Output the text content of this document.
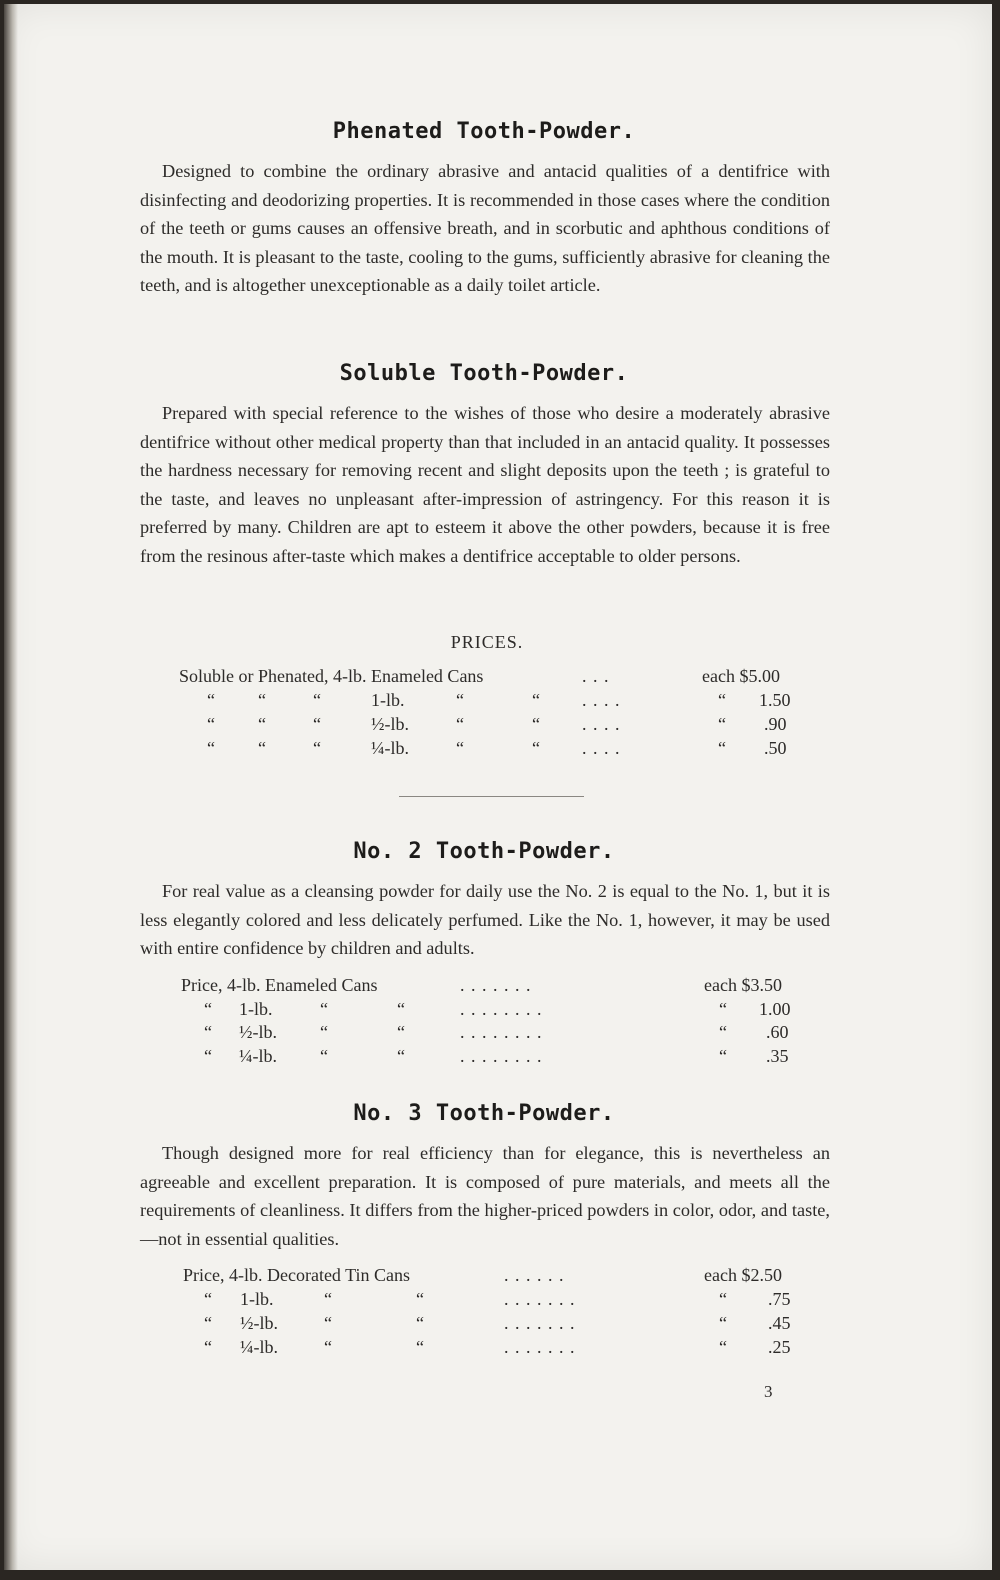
Phenated Tooth-Powder.

Designed to combine the ordinary abrasive and antacid qualities of a dentifrice with disinfecting and deodorizing properties. It is recommended in those cases where the condition of the teeth or gums causes an offensive breath, and in scorbutic and aphthous conditions of the mouth. It is pleasant to the taste, cooling to the gums, sufficiently abrasive for cleaning the teeth, and is altogether unexceptionable as a daily toilet article.

Soluble Tooth-Powder.

Prepared with special reference to the wishes of those who desire a moderately abrasive dentifrice without other medical property than that included in an antacid quality. It possesses the hardness necessary for removing recent and slight deposits upon the teeth ; is grateful to the taste, and leaves no unpleasant after-impression of astringency. For this reason it is preferred by many. Children are apt to esteem it above the other powders, because it is free from the resinous after-taste which makes a dentifrice acceptable to older persons.

PRICES.
Soluble or Phenated, 4-lb. Enameled Cans	. . .	each $5.00
“ “	“	1-lb.	“	“ . . . .	“ 1.50
“ “	“	½-lb.	“	“ . . . .	“ .90
“ “	“	¼-lb.	“	“ . . . .	“ .50
No. 2 Tooth-Powder.

For real value as a cleansing powder for daily use the No. 2 is equal to the No. 1, but it is less elegantly colored and less delicately perfumed. Like the No. 1, however, it may be used with entire confidence by children and adults.

Price, 4-lb. Enameled Cans	. . . . . . .	each $3.50
“ 1-lb.	“	“	. . . . . . . .	“ 1.00
“ ½-lb. “	“	. . . . . . . .	“ .60
“ ¼-lb. “	“	. . . . . . . .	“ .35
No. 3 Tooth-Powder.

Though designed more for real efficiency than for elegance, this is nevertheless an agreeable and excellent preparation. It is composed of pure materials, and meets all the requirements of cleanliness. It differs from the higher-priced powders in color, odor, and taste,—not in essential qualities.

Price, 4-lb. Decorated Tin Cans	. . . . . .	each $2.50
“ 1-lb.	“	“	. . . . . . .	“ .75
“ ½-lb.	“	“	. . . . . . .	“ .45
“ ¼-lb.	“	“	. . . . . . .	“ .25
3
